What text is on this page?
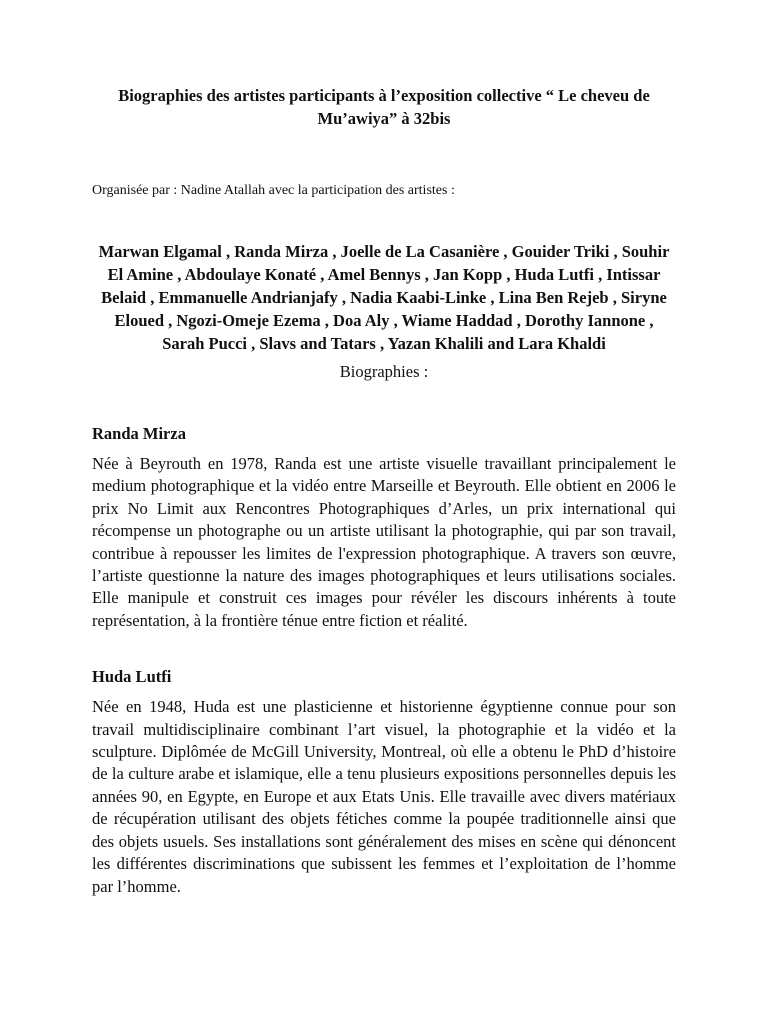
Biographies des artistes participants à l’exposition collective “ Le cheveu de Mu’awiya” à 32bis

Organisée par : Nadine Atallah avec la participation des artistes :

Marwan Elgamal , Randa Mirza , Joelle de La Casanière , Gouider Triki , Souhir El Amine , Abdoulaye Konaté , Amel Bennys , Jan Kopp , Huda Lutfi , Intissar Belaid , Emmanuelle Andrianjafy , Nadia Kaabi-Linke , Lina Ben Rejeb , Siryne Eloued , Ngozi-Omeje Ezema , Doa Aly , Wiame Haddad , Dorothy Iannone , Sarah Pucci , Slavs and Tatars , Yazan Khalili and Lara Khaldi

Biographies :

Randa Mirza

Née à Beyrouth en 1978, Randa est une artiste visuelle travaillant principalement le medium photographique et la vidéo entre Marseille et Beyrouth. Elle obtient en 2006 le prix No Limit aux Rencontres Photographiques d’Arles, un prix international qui récompense un photographe ou un artiste utilisant la photographie, qui par son travail, contribue à repousser les limites de l'expression photographique. A travers son œuvre, l’artiste questionne la nature des images photographiques et leurs utilisations sociales. Elle manipule et construit ces images pour révéler les discours inhérents à toute représentation, à la frontière ténue entre fiction et réalité.

Huda Lutfi

Née en 1948, Huda est une plasticienne et historienne égyptienne connue pour son travail multidisciplinaire combinant l’art visuel, la photographie et la vidéo et la sculpture. Diplômée de McGill University, Montreal, où elle a obtenu le PhD d’histoire de la culture arabe et islamique, elle a tenu plusieurs expositions personnelles depuis les années 90, en Egypte, en Europe et aux Etats Unis. Elle travaille avec divers matériaux de récupération utilisant des objets fétiches comme la poupée traditionnelle ainsi que des objets usuels. Ses installations sont généralement des mises en scène qui dénoncent les différentes discriminations que subissent les femmes et l’exploitation de l’homme par l’homme.
